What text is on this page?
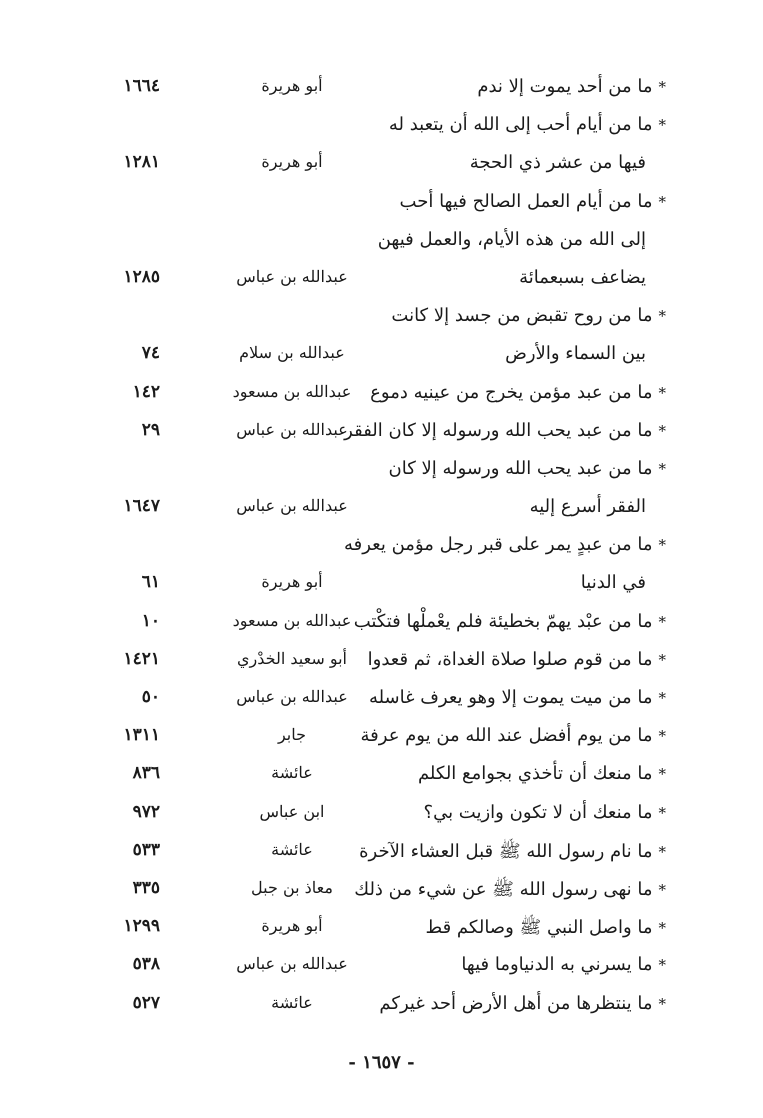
*ما من أحد يموت إلا ندم
أبو هريرة
١٦٦٤
*ما من أيام أحب إلى الله أن يتعبد له
فيها من عشر ذي الحجة
أبو هريرة
١٢٨١
*ما من أيام العمل الصالح فيها أحب
إلى الله من هذه الأيام، والعمل فيهن
يضاعف بسبعمائة
عبدالله بن عباس
١٢٨٥
*ما من روح تقبض من جسد إلا كانت
بين السماء والأرض
عبدالله بن سلام
٧٤
*ما من عبد مؤمن يخرج من عينيه دموع
عبدالله بن مسعود
١٤٢
*ما من عبد يحب الله ورسوله إلا كان الفقر
عبدالله بن عباس
٢٩
*ما من عبد يحب الله ورسوله إلا كان
الفقر أسرع إليه
عبدالله بن عباس
١٦٤٧
*ما من عبدٍ يمر على قبر رجل مؤمن يعرفه
في الدنيا
أبو هريرة
٦١
*ما من عبْد يهمّ بخطيئة فلم يعْملْها فتكْتب
عبدالله بن مسعود
١٠
*ما من قوم صلوا صلاة الغداة، ثم قعدوا
أبو سعيد الخدْري
١٤٢١
*ما من ميت يموت إلا وهو يعرف غاسله
عبدالله بن عباس
٥٠
*ما من يوم أفضل عند الله من يوم عرفة
جابر
١٣١١
*ما منعك أن تأخذي بجوامع الكلم
عائشة
٨٣٦
*ما منعك أن لا تكون وازيت بي؟
ابن عباس
٩٧٢
*ما نام رسول الله ﷺ قبل العشاء الآخرة
عائشة
٥٣٣
*ما نهى رسول الله ﷺ عن شيء من ذلك
معاذ بن جبل
٣٣٥
*ما واصل النبي ﷺ وصالكم قط
أبو هريرة
١٢٩٩
*ما يسرني به الدنياوما فيها
عبدالله بن عباس
٥٣٨
*ما ينتظرها من أهل الأرض أحد غيركم
عائشة
٥٢٧
- ١٦٥٧ -
